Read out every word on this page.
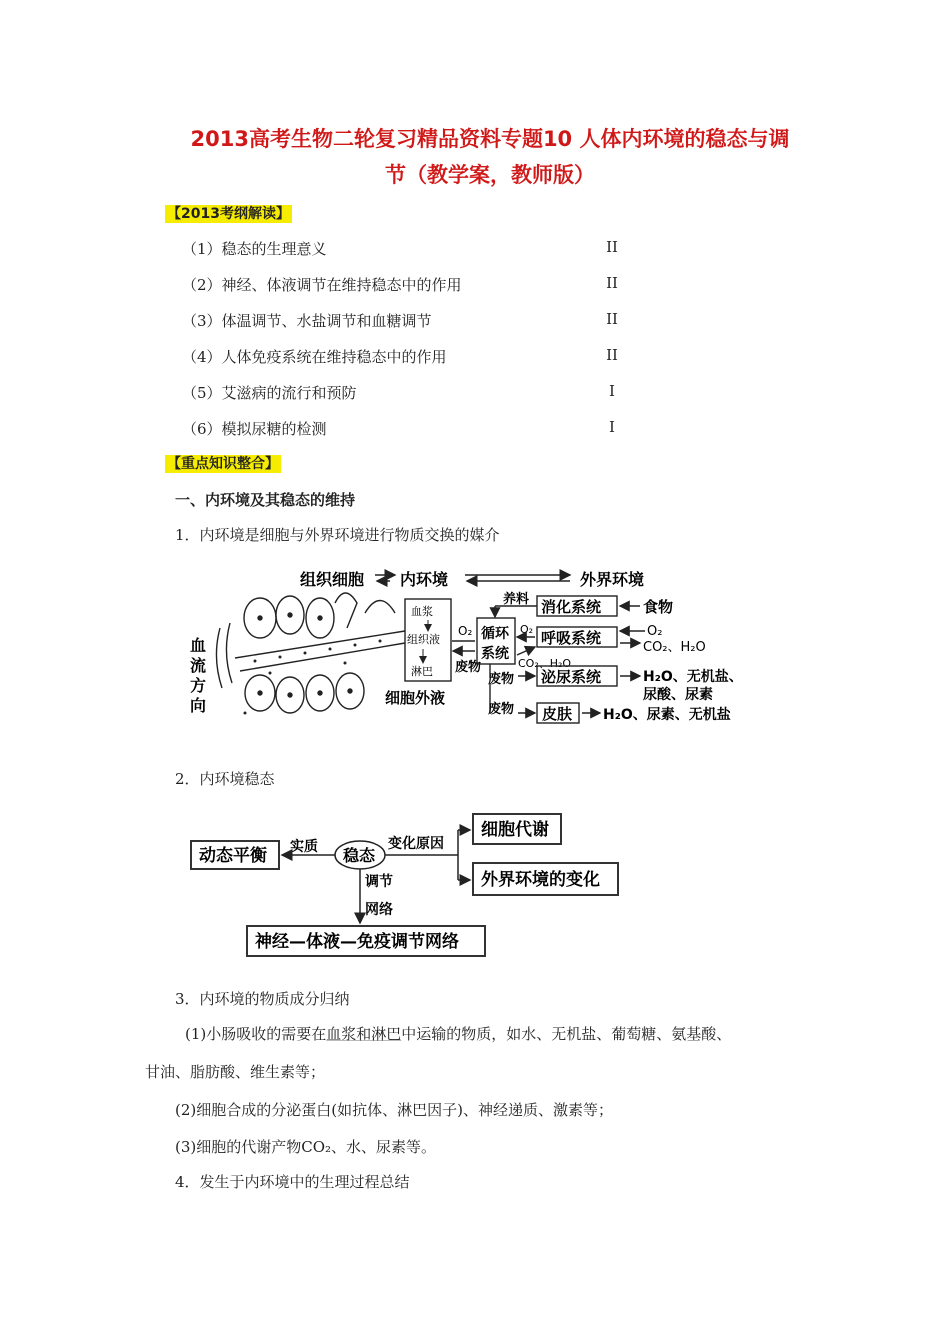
2013高考生物二轮复习精品资料专题10 人体内环境的稳态与调
节（教学案，教师版）
【2013考纲解读】
（1）稳态的生理意义	II
（2）神经、体液调节在维持稳态中的作用	II
（3）体温调节、水盐调节和血糖调节	II
（4）人体免疫系统在维持稳态中的作用	II
（5）艾滋病的流行和预防	I
（6）模拟尿糖的检测	I
【重点知识整合】
一、内环境及其稳态的维持
1．内环境是细胞与外界环境进行物质交换的媒介
组织细胞 内环境	外界环境
血
流
方
向
血浆
组织液
淋巴
细胞外液
O₂
废物
循环
系统
养料 消化系统	食物
O₂ 呼吸系统
CO₂、H₂O
O₂
CO₂、H₂O
废物 泌尿系统	H₂O、无机盐、
尿酸、尿素
废物 皮肤 H₂O、尿素、无机盐
2．内环境稳态
动态平衡 实质 稳态
变化原因
细胞代谢
外界环境的变化
调节
网络
神经—体液—免疫调节网络
3．内环境的物质成分归纳
(1)小肠吸收的需要在血浆和淋巴中运输的物质，如水、无机盐、葡萄糖、氨基酸、
甘油、脂肪酸、维生素等；
(2)细胞合成的分泌蛋白(如抗体、淋巴因子)、神经递质、激素等；
(3)细胞的代谢产物CO₂、水、尿素等。
4．发生于内环境中的生理过程总结
